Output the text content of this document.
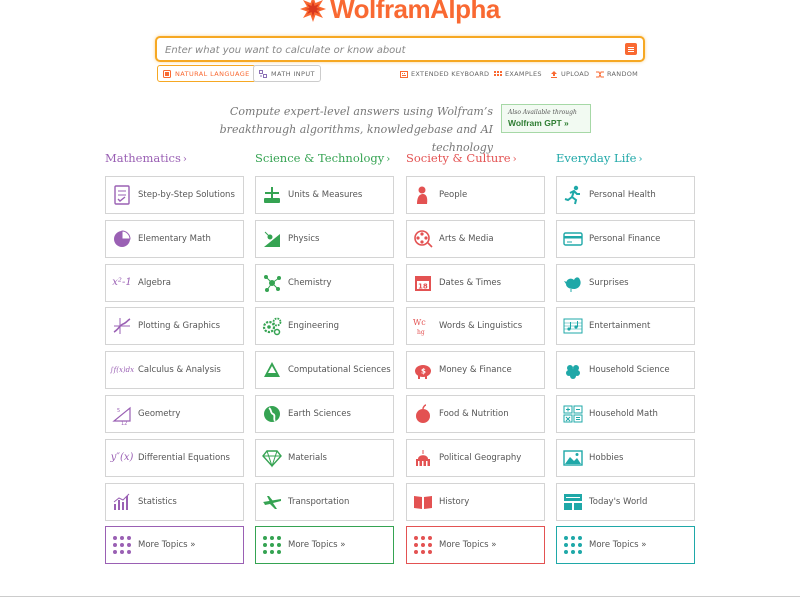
WolframAlpha
Enter what you want to calculate or know about
NATURAL LANGUAGE	MATH INPUT	EXTENDED KEYBOARD EXAMPLES	UPLOAD	RANDOM
Compute expert-level answers using Wolfram’s
breakthrough algorithms, knowledgebase and AI technology
Also Available through
Wolfram GPT »
Mathematics ›
Step-by-Step Solutions
Elementary Math
x²-1 Algebra
Plotting & Graphics
∫f(x)dx Calculus & Analysis
5
12
Geometry
y″(x) Differential Equations
Statistics
More Topics »
Science & Technology ›
Units & Measures
Physics
Chemistry
Engineering
Computational Sciences
Earth Sciences
Materials
Transportation
More Topics »
Society & Culture ›
People
Arts & Media
18 Dates & Times
Wc
hg
Words & Linguistics
$ Money & Finance
Food & Nutrition
Political Geography
History
More Topics »
Everyday Life ›
Personal Health
Personal Finance
Surprises
Entertainment
Household Science
Household Math
Hobbies
Today's World
More Topics »
